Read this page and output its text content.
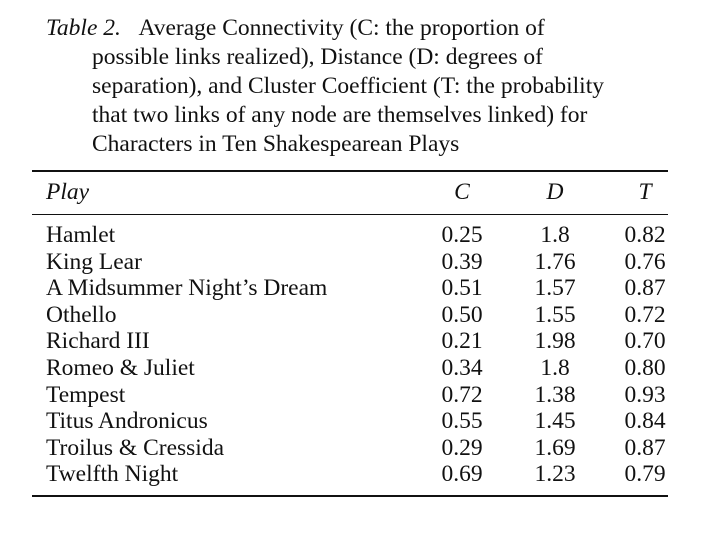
Table 2. Average Connectivity (C: the proportion of
possible links realized), Distance (D: degrees of
separation), and Cluster Coefficient (T: the probability
that two links of any node are themselves linked) for
Characters in Ten Shakespearean Plays
Play	C	D	T
Hamlet	0.25	1.8	0.82
King Lear	0.39 1.76 0.76
A Midsummer Night’s Dream	0.51 1.57 0.87
Othello	0.50 1.55 0.72
Richard III	0.21 1.98 0.70
Romeo & Juliet	0.34	1.8	0.80
Tempest	0.72 1.38 0.93
Titus Andronicus	0.55 1.45 0.84
Troilus & Cressida	0.29 1.69 0.87
Twelfth Night	0.69 1.23 0.79
